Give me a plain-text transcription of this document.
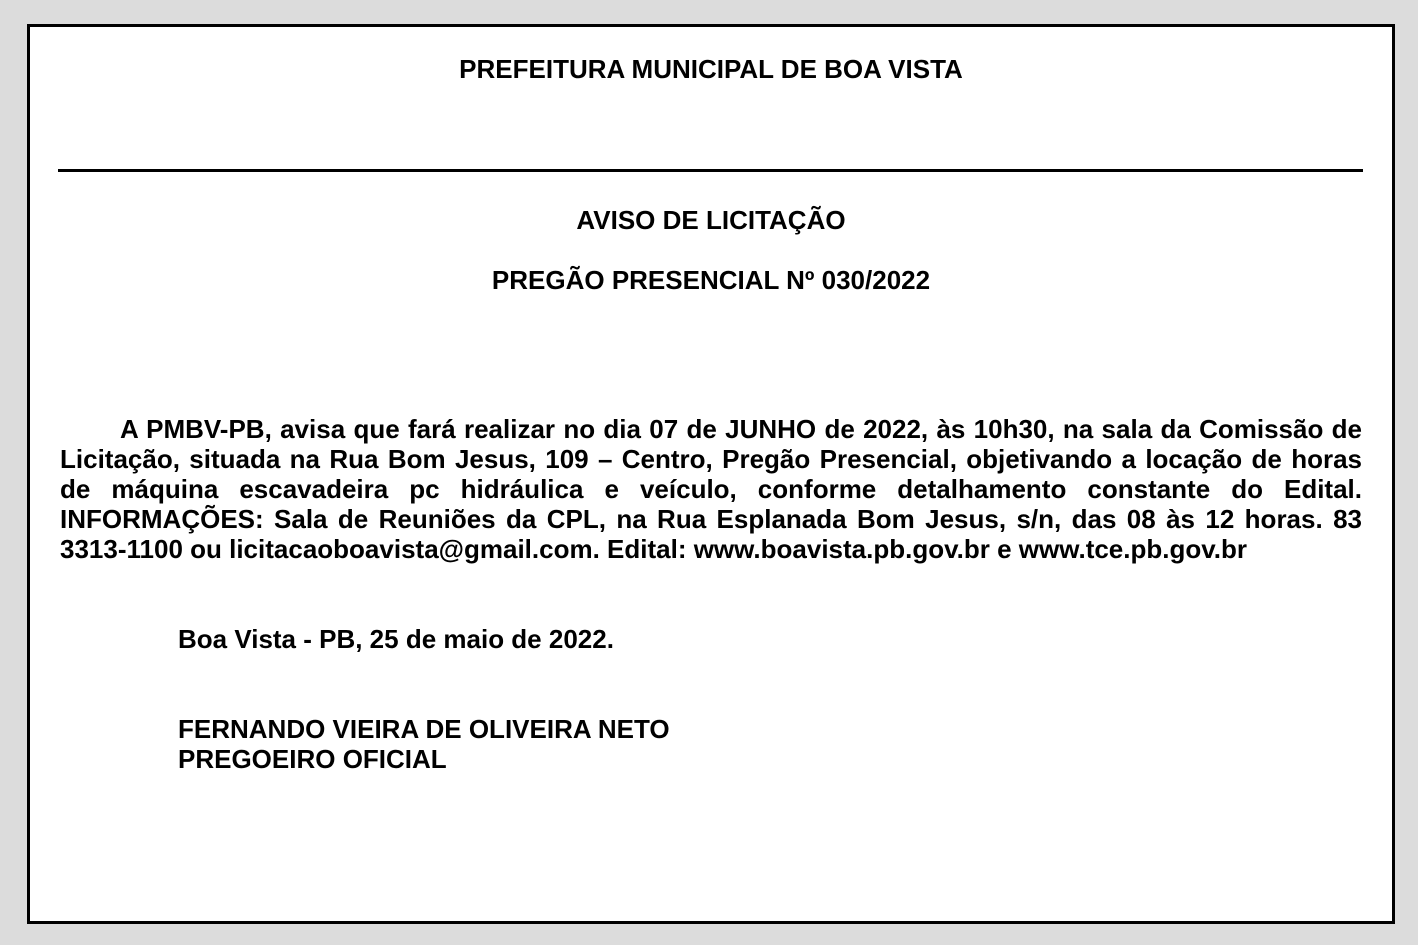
PREFEITURA MUNICIPAL DE BOA VISTA
AVISO DE LICITAÇÃO
PREGÃO PRESENCIAL Nº 030/2022

A PMBV-PB, avisa que fará realizar no dia 07 de JUNHO de 2022, às 10h30, na sala da Comissão de Licitação, situada na Rua Bom Jesus, 109 – Centro, Pregão Presencial, objetivando a locação de horas de máquina escavadeira pc hidráulica e veículo, conforme detalhamento constante do Edital. INFORMAÇÕES: Sala de Reuniões da CPL, na Rua Esplanada Bom Jesus, s/n, das 08 às 12 horas. 83 3313-1100 ou licitacaoboavista@gmail.com. Edital: www.boavista.pb.gov.br e www.tce.pb.gov.br

Boa Vista - PB, 25 de maio de 2022.
FERNANDO VIEIRA DE OLIVEIRA NETO
PREGOEIRO OFICIAL
